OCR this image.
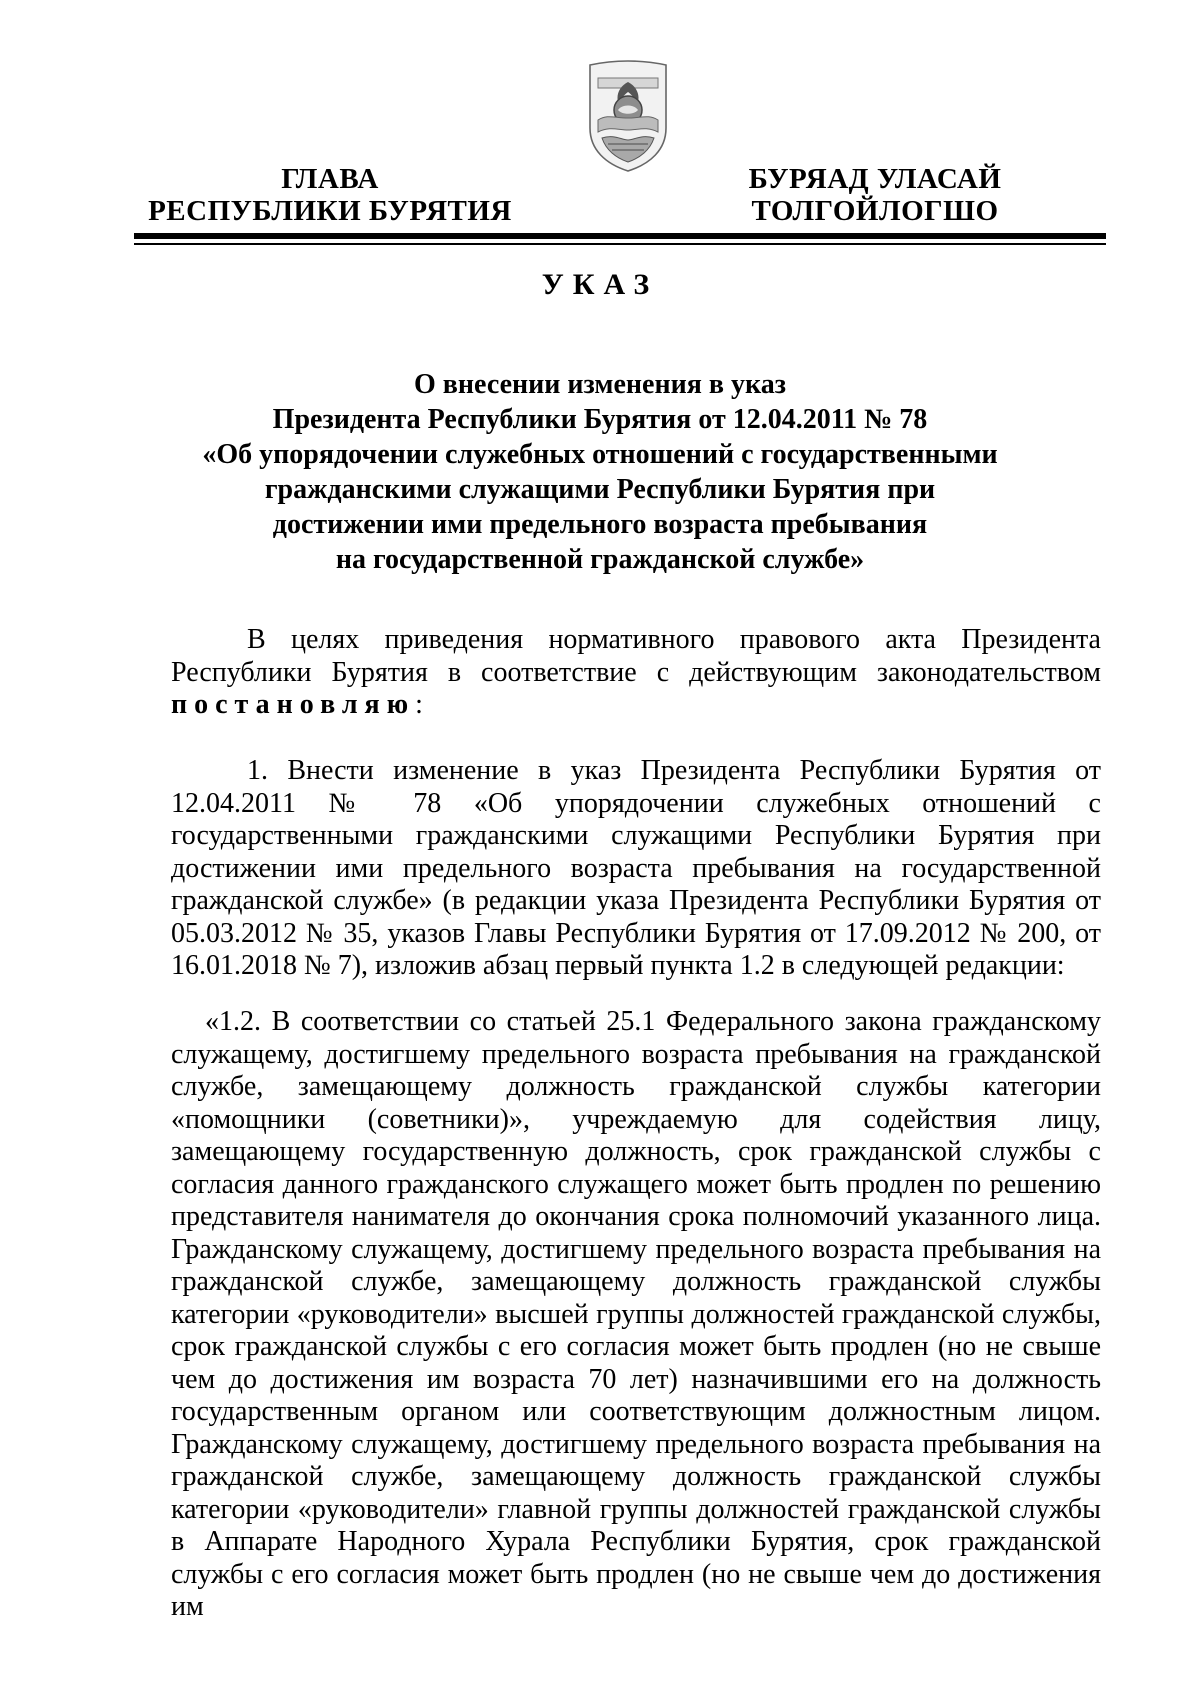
ГЛАВА
РЕСПУБЛИКИ БУРЯТИЯ
БУРЯАД УЛАСАЙ
ТОЛГОЙЛОГШО
УКАЗ
О внесении изменения в указ
Президента Республики Бурятия от 12.04.2011 № 78
«Об упорядочении служебных отношений с государственными
гражданскими служащими Республики Бурятия при
достижении ими предельного возраста пребывания
на государственной гражданской службе»

В целях приведения нормативного правового акта Президента Республики Бурятия в соответствие с действующим законодательством постановляю:

1. Внести изменение в указ Президента Республики Бурятия от 12.04.2011 № 78 «Об упорядочении служебных отношений с государственными гражданскими служащими Республики Бурятия при достижении ими предельного возраста пребывания на государственной гражданской службе» (в редакции указа Президента Республики Бурятия от 05.03.2012 № 35, указов Главы Республики Бурятия от 17.09.2012 № 200, от 16.01.2018 № 7), изложив абзац первый пункта 1.2 в следующей редакции:

«1.2. В соответствии со статьей 25.1 Федерального закона гражданскому служащему, достигшему предельного возраста пребывания на гражданской службе, замещающему должность гражданской службы категории «помощники (советники)», учреждаемую для содействия лицу, замещающему государственную должность, срок гражданской службы с согласия данного гражданского служащего может быть продлен по решению представителя нанимателя до окончания срока полномочий указанного лица. Гражданскому служащему, достигшему предельного возраста пребывания на гражданской службе, замещающему должность гражданской службы категории «руководители» высшей группы должностей гражданской службы, срок гражданской службы с его согласия может быть продлен (но не свыше чем до достижения им возраста 70 лет) назначившими его на должность государственным органом или соответствующим должностным лицом. Гражданскому служащему, достигшему предельного возраста пребывания на гражданской службе, замещающему должность гражданской службы категории «руководители» главной группы должностей гражданской службы в Аппарате Народного Хурала Республики Бурятия, срок гражданской службы с его согласия может быть продлен (но не свыше чем до достижения им
